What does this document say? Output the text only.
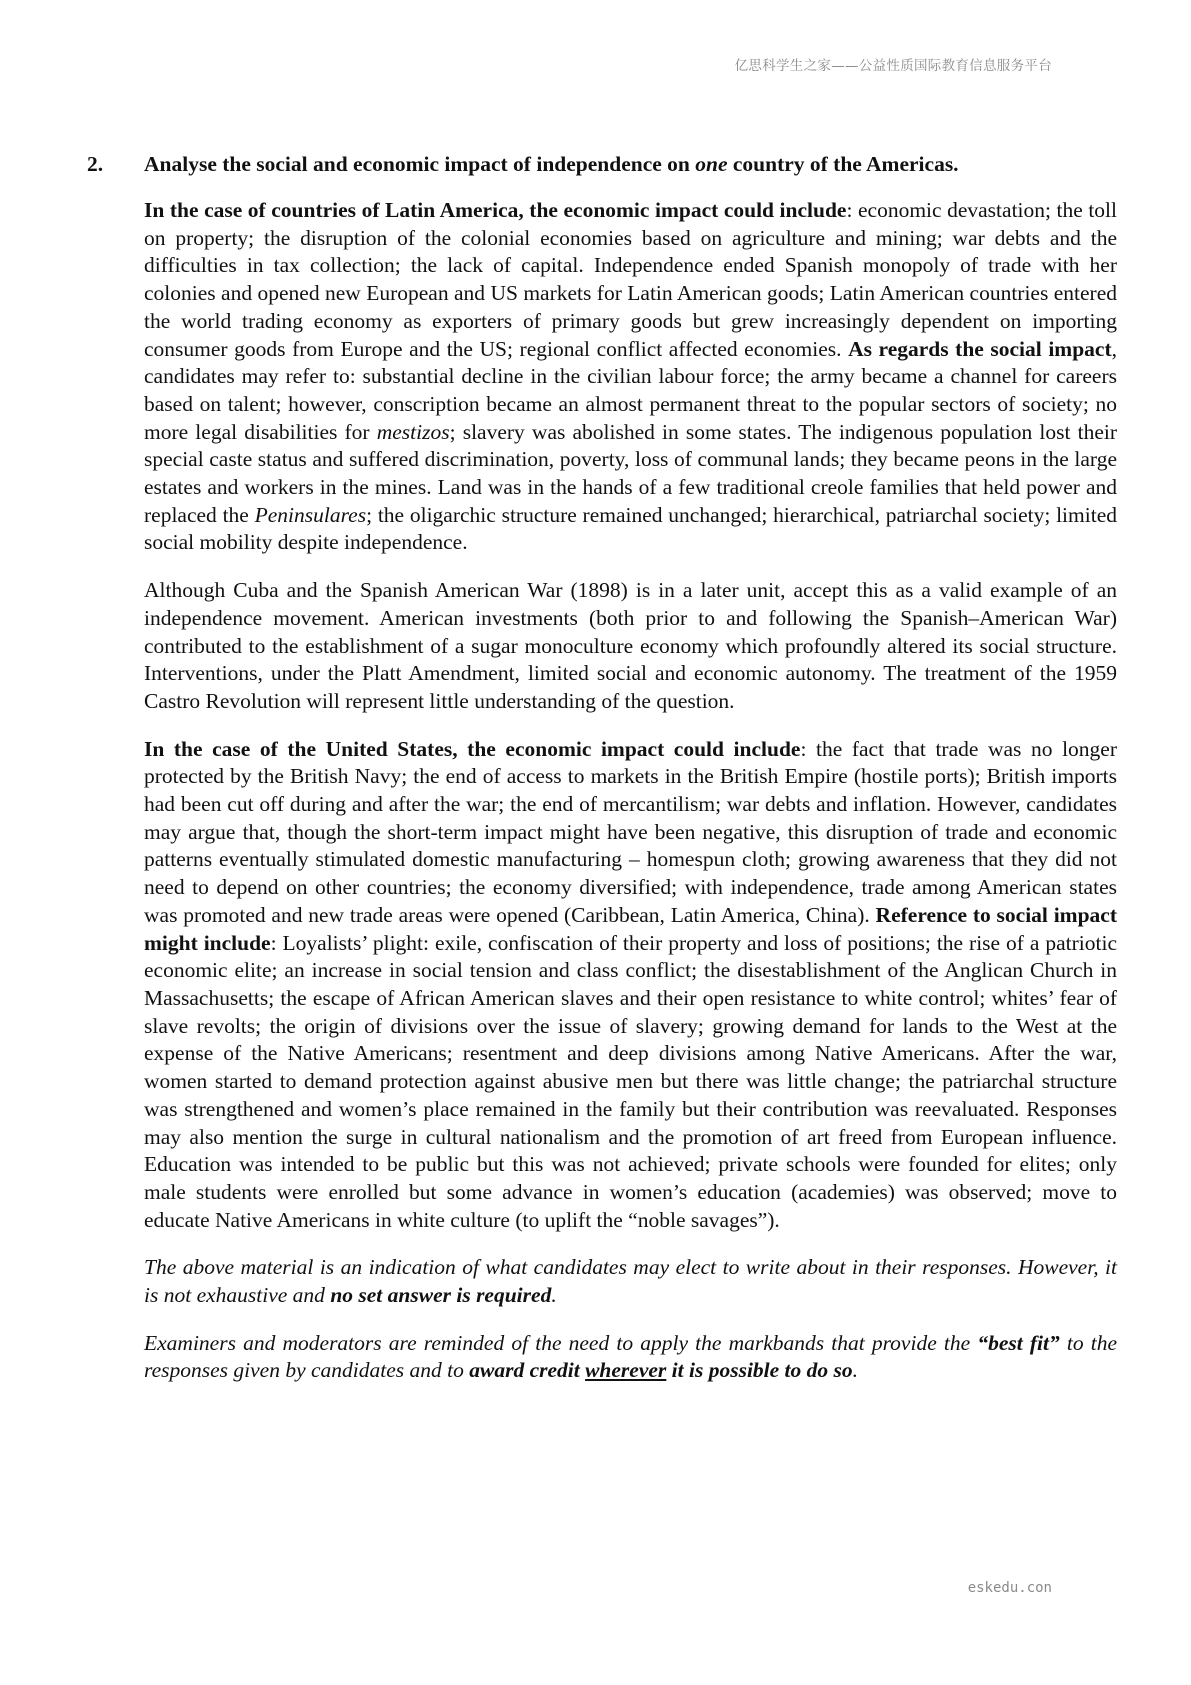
亿思科学生之家——公益性质国际教育信息服务平台
2. Analyse the social and economic impact of independence on one country of the Americas.

In the case of countries of Latin America, the economic impact could include: economic devastation; the toll on property; the disruption of the colonial economies based on agriculture and mining; war debts and the difficulties in tax collection; the lack of capital. Independence ended Spanish monopoly of trade with her colonies and opened new European and US markets for Latin American goods; Latin American countries entered the world trading economy as exporters of primary goods but grew increasingly dependent on importing consumer goods from Europe and the US; regional conflict affected economies. As regards the social impact, candidates may refer to: substantial decline in the civilian labour force; the army became a channel for careers based on talent; however, conscription became an almost permanent threat to the popular sectors of society; no more legal disabilities for mestizos; slavery was abolished in some states. The indigenous population lost their special caste status and suffered discrimination, poverty, loss of communal lands; they became peons in the large estates and workers in the mines. Land was in the hands of a few traditional creole families that held power and replaced the Peninsulares; the oligarchic structure remained unchanged; hierarchical, patriarchal society; limited social mobility despite independence.

Although Cuba and the Spanish American War (1898) is in a later unit, accept this as a valid example of an independence movement. American investments (both prior to and following the Spanish–American War) contributed to the establishment of a sugar monoculture economy which profoundly altered its social structure. Interventions, under the Platt Amendment, limited social and economic autonomy. The treatment of the 1959 Castro Revolution will represent little understanding of the question.

In the case of the United States, the economic impact could include: the fact that trade was no longer protected by the British Navy; the end of access to markets in the British Empire (hostile ports); British imports had been cut off during and after the war; the end of mercantilism; war debts and inflation. However, candidates may argue that, though the short-term impact might have been negative, this disruption of trade and economic patterns eventually stimulated domestic manufacturing – homespun cloth; growing awareness that they did not need to depend on other countries; the economy diversified; with independence, trade among American states was promoted and new trade areas were opened (Caribbean, Latin America, China). Reference to social impact might include: Loyalists’ plight: exile, confiscation of their property and loss of positions; the rise of a patriotic economic elite; an increase in social tension and class conflict; the disestablishment of the Anglican Church in Massachusetts; the escape of African American slaves and their open resistance to white control; whites’ fear of slave revolts; the origin of divisions over the issue of slavery; growing demand for lands to the West at the expense of the Native Americans; resentment and deep divisions among Native Americans. After the war, women started to demand protection against abusive men but there was little change; the patriarchal structure was strengthened and women’s place remained in the family but their contribution was reevaluated. Responses may also mention the surge in cultural nationalism and the promotion of art freed from European influence. Education was intended to be public but this was not achieved; private schools were founded for elites; only male students were enrolled but some advance in women’s education (academies) was observed; move to educate Native Americans in white culture (to uplift the “noble savages”).

The above material is an indication of what candidates may elect to write about in their responses. However, it is not exhaustive and no set answer is required.

Examiners and moderators are reminded of the need to apply the markbands that provide the “best fit” to the responses given by candidates and to award credit wherever it is possible to do so.

eskedu.con
